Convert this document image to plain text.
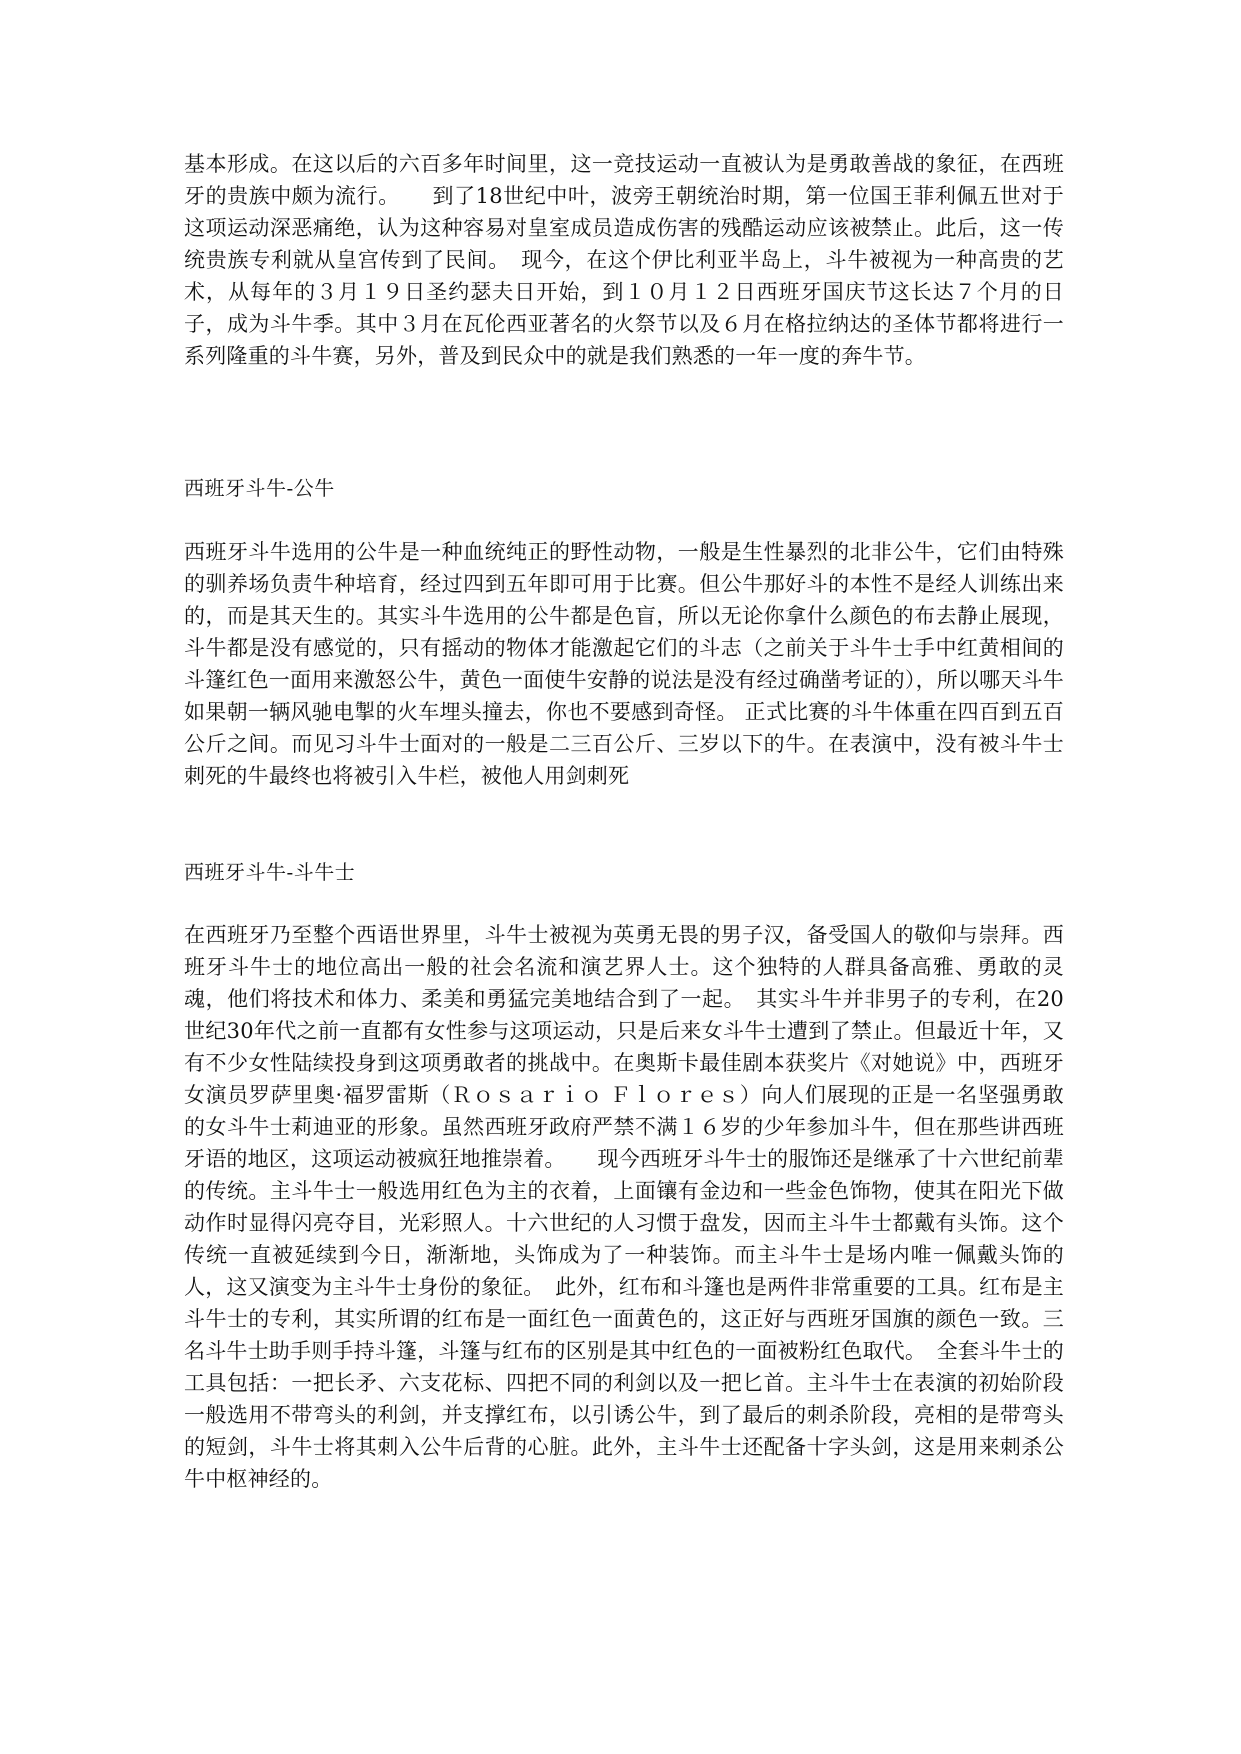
基本形成。在这以后的六百多年时间里，这一竞技运动一直被认为是勇敢善战的象征，在西班牙的贵族中颇为流行。　　到了18世纪中叶，波旁王朝统治时期，第一位国王菲利佩五世对于这项运动深恶痛绝，认为这种容易对皇室成员造成伤害的残酷运动应该被禁止。此后，这一传统贵族专利就从皇宫传到了民间。　现今，在这个伊比利亚半岛上，斗牛被视为一种高贵的艺术，从每年的３月１９日圣约瑟夫日开始，到１０月１２日西班牙国庆节这长达７个月的日子，成为斗牛季。其中３月在瓦伦西亚著名的火祭节以及６月在格拉纳达的圣体节都将进行一系列隆重的斗牛赛，另外，普及到民众中的就是我们熟悉的一年一度的奔牛节。

西班牙斗牛-公牛

西班牙斗牛选用的公牛是一种血统纯正的野性动物，一般是生性暴烈的北非公牛，它们由特殊的驯养场负责牛种培育，经过四到五年即可用于比赛。但公牛那好斗的本性不是经人训练出来的，而是其天生的。其实斗牛选用的公牛都是色盲，所以无论你拿什么颜色的布去静止展现，斗牛都是没有感觉的，只有摇动的物体才能激起它们的斗志（之前关于斗牛士手中红黄相间的斗篷红色一面用来激怒公牛，黄色一面使牛安静的说法是没有经过确凿考证的），所以哪天斗牛如果朝一辆风驰电掣的火车埋头撞去，你也不要感到奇怪。 正式比赛的斗牛体重在四百到五百公斤之间。而见习斗牛士面对的一般是二三百公斤、三岁以下的牛。在表演中，没有被斗牛士刺死的牛最终也将被引入牛栏，被他人用剑刺死

西班牙斗牛-斗牛士

在西班牙乃至整个西语世界里，斗牛士被视为英勇无畏的男子汉，备受国人的敬仰与崇拜。西班牙斗牛士的地位高出一般的社会名流和演艺界人士。这个独特的人群具备高雅、勇敢的灵魂，他们将技术和体力、柔美和勇猛完美地结合到了一起。　其实斗牛并非男子的专利，在20世纪30年代之前一直都有女性参与这项运动，只是后来女斗牛士遭到了禁止。但最近十年，又有不少女性陆续投身到这项勇敢者的挑战中。在奥斯卡最佳剧本获奖片《对她说》中，西班牙女演员罗萨里奥·福罗雷斯（Ｒｏｓａｒｉｏ Ｆｌｏｒｅｓ）向人们展现的正是一名坚强勇敢的女斗牛士莉迪亚的形象。虽然西班牙政府严禁不满１６岁的少年参加斗牛，但在那些讲西班牙语的地区，这项运动被疯狂地推崇着。　　现今西班牙斗牛士的服饰还是继承了十六世纪前辈的传统。主斗牛士一般选用红色为主的衣着，上面镶有金边和一些金色饰物，使其在阳光下做动作时显得闪亮夺目，光彩照人。十六世纪的人习惯于盘发，因而主斗牛士都戴有头饰。这个传统一直被延续到今日，渐渐地，头饰成为了一种装饰。而主斗牛士是场内唯一佩戴头饰的人，这又演变为主斗牛士身份的象征。　此外，红布和斗篷也是两件非常重要的工具。红布是主斗牛士的专利，其实所谓的红布是一面红色一面黄色的，这正好与西班牙国旗的颜色一致。三名斗牛士助手则手持斗篷，斗篷与红布的区别是其中红色的一面被粉红色取代。　全套斗牛士的工具包括：一把长矛、六支花标、四把不同的利剑以及一把匕首。主斗牛士在表演的初始阶段一般选用不带弯头的利剑，并支撑红布，以引诱公牛，到了最后的刺杀阶段，亮相的是带弯头的短剑，斗牛士将其刺入公牛后背的心脏。此外，主斗牛士还配备十字头剑，这是用来刺杀公牛中枢神经的。
